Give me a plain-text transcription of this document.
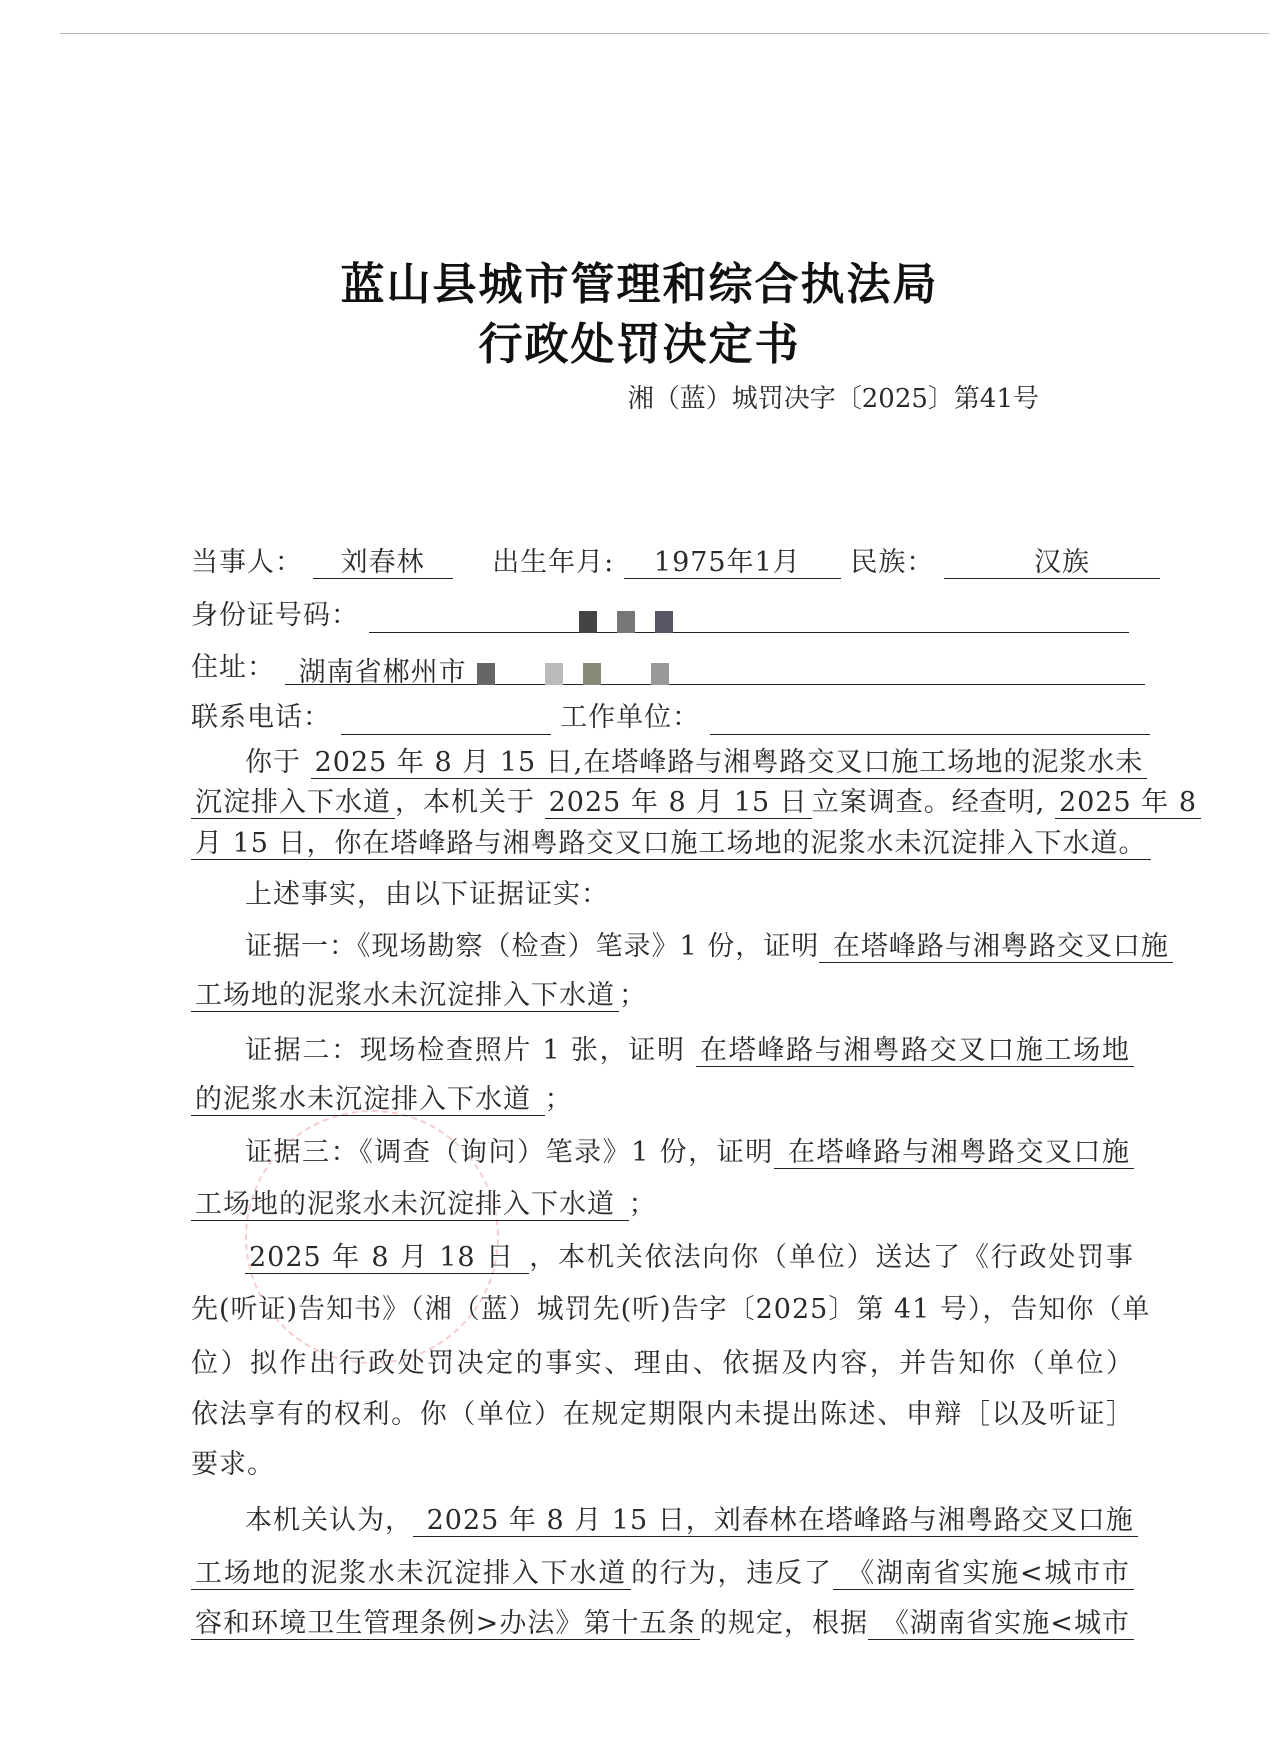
蓝山县城市管理和综合执法局
行政处罚决定书
湘（蓝）城罚决字〔2025〕第41号
当事人： 刘春林	出生年月: 1975年1月 民族：	汉族
身份证号码：
住址： 湖南省郴州市
联系电话：	工作单位：
你于 2025 年 8 月 15 日,在塔峰路与湘粤路交叉口施工场地的泥浆水未
沉淀排入下水道 ，本机关于 2025 年 8 月 15 日 立案调查。经查明, 2025 年 8
月 15 日，你在塔峰路与湘粤路交叉口施工场地的泥浆水未沉淀排入下水道。
上述事实，由以下证据证实：
证据一：《现场勘察（检查）笔录》1 份，证明 在塔峰路与湘粤路交叉口施
工场地的泥浆水未沉淀排入下水道 ；
证据二：现场检查照片 1 张，证明 在塔峰路与湘粤路交叉口施工场地
的泥浆水未沉淀排入下水道 ；
证据三：《调查（询问）笔录》1 份，证明 在塔峰路与湘粤路交叉口施
工场地的泥浆水未沉淀排入下水道 ；
2025 年 8 月 18 日 ，本机关依法向你（单位）送达了《行政处罚事
先(听证)告知书》（湘（蓝）城罚先(听)告字〔2025〕第 41 号），告知你（单
位）拟作出行政处罚决定的事实、理由、依据及内容，并告知你（单位）
依法享有的权利。你（单位）在规定期限内未提出陈述、申辩［以及听证］
要求。
本机关认为， 2025 年 8 月 15 日，刘春林在塔峰路与湘粤路交叉口施
工场地的泥浆水未沉淀排入下水道 的行为，违反了 《湖南省实施<城市市
容和环境卫生管理条例>办法》第十五条 的规定，根据 《湖南省实施<城市
